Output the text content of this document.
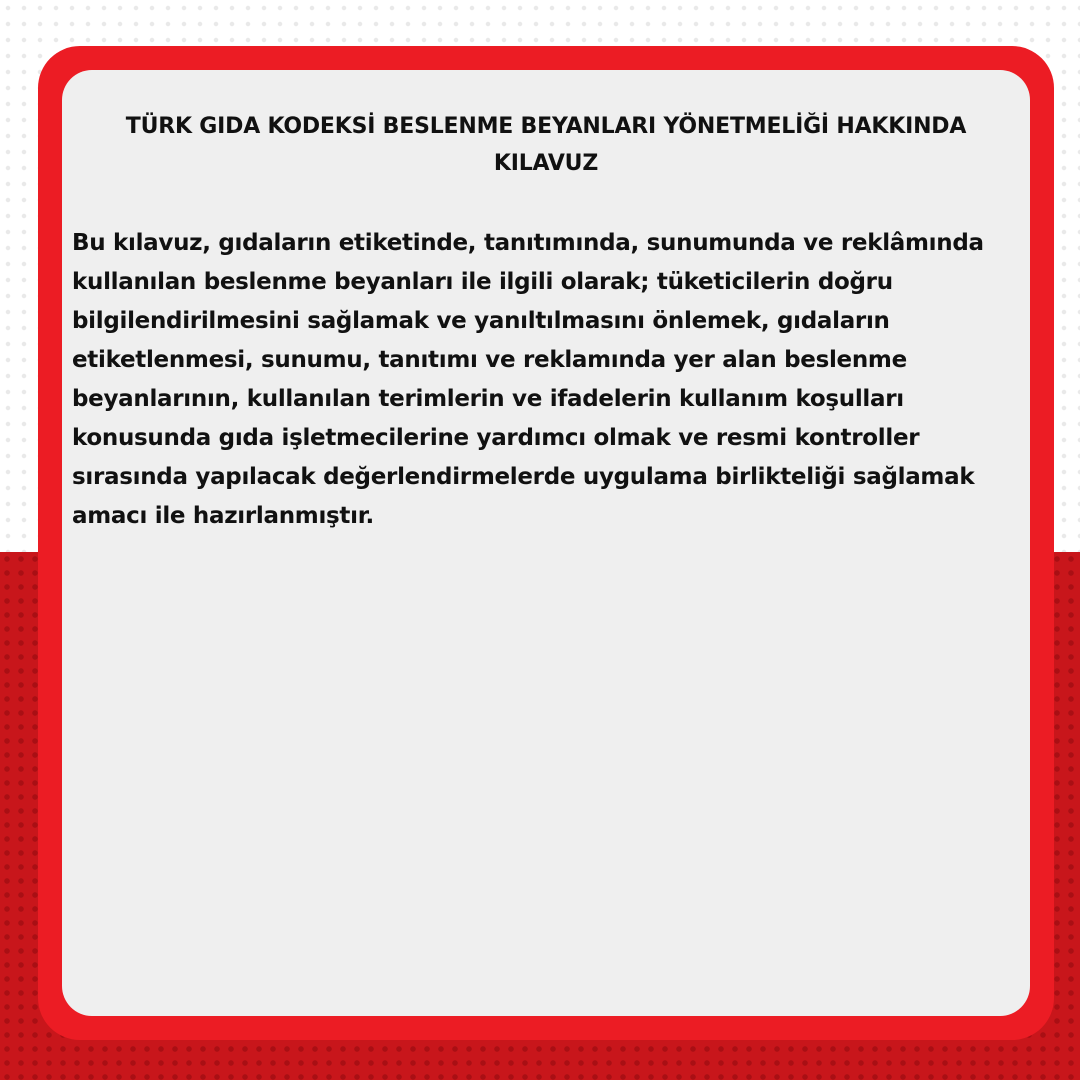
TÜRK GIDA KODEKSİ BESLENME BEYANLARI YÖNETMELİĞİ HAKKINDA KILAVUZ

Bu kılavuz, gıdaların etiketinde, tanıtımında, sunumunda ve reklâmında kullanılan beslenme beyanları ile ilgili olarak; tüketicilerin doğru bilgilendirilmesini sağlamak ve yanıltılmasını önlemek, gıdaların etiketlenmesi, sunumu, tanıtımı ve reklamında yer alan beslenme beyanlarının, kullanılan terimlerin ve ifadelerin kullanım koşulları konusunda gıda işletmecilerine yardımcı olmak ve resmi kontroller sırasında yapılacak değerlendirmelerde uygulama birlikteliği sağlamak amacı ile hazırlanmıştır.
